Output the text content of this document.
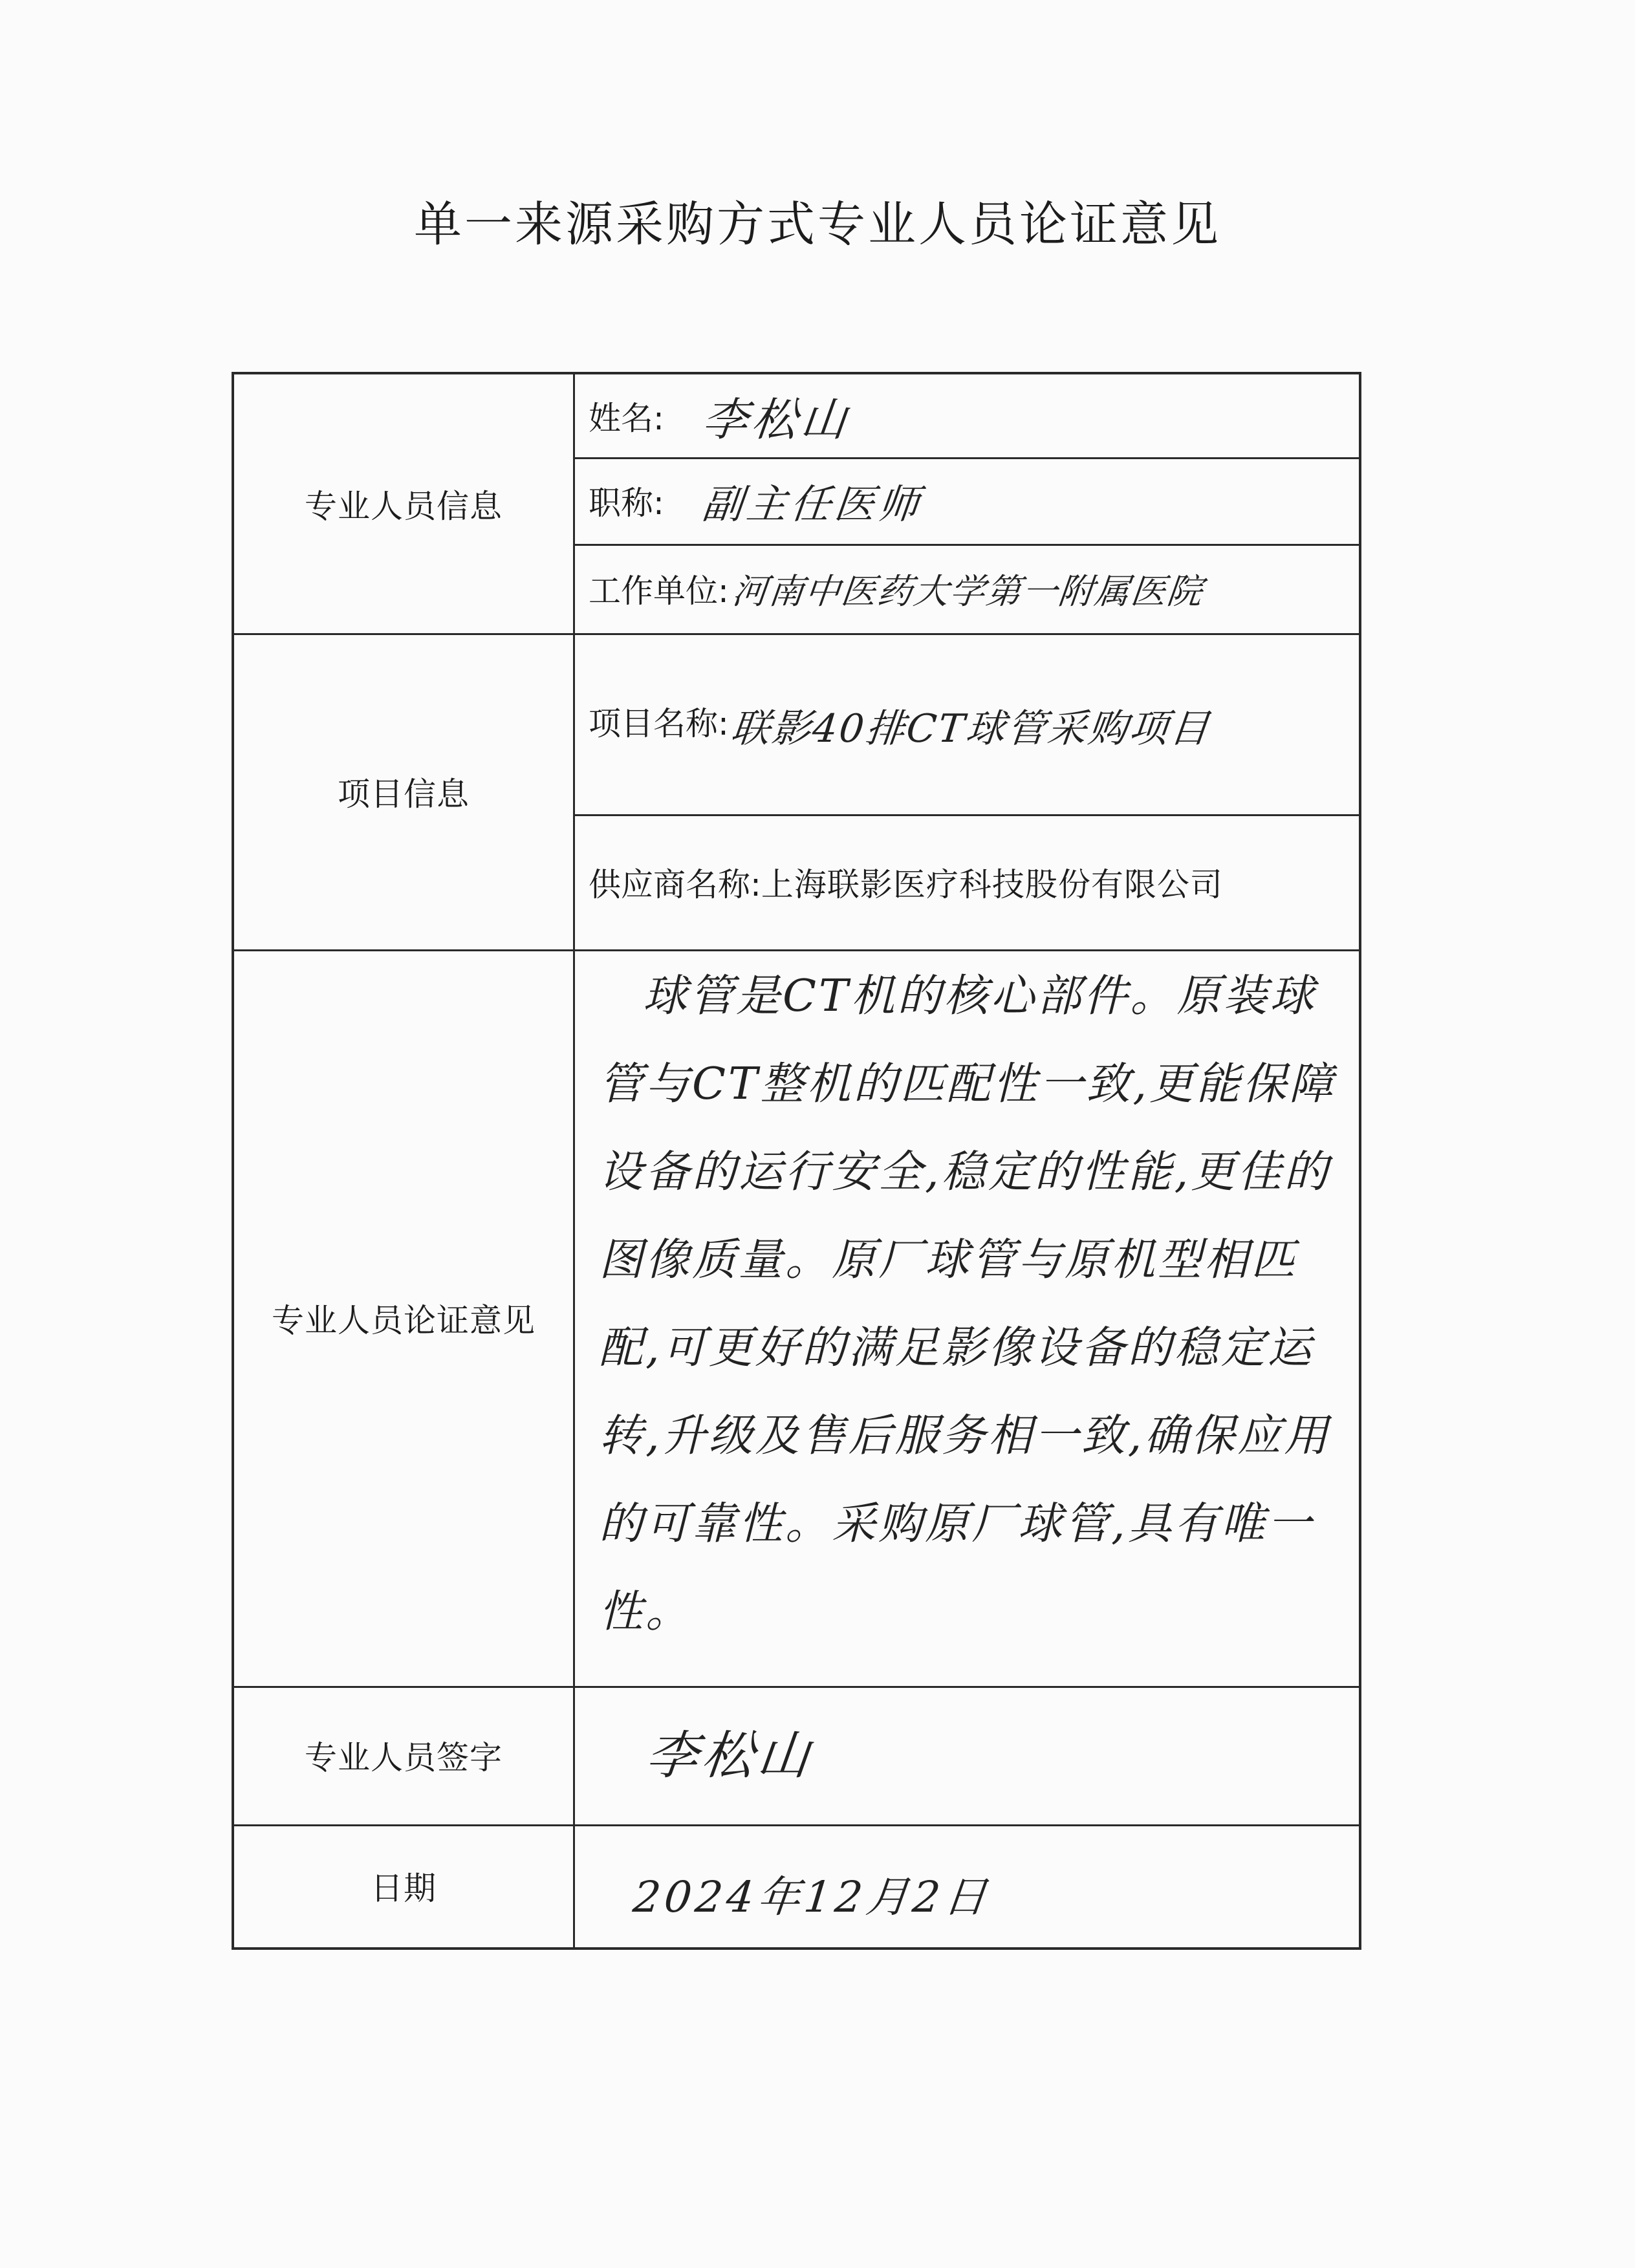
单一来源采购方式专业人员论证意见
专业人员信息
项目信息
专业人员论证意见
专业人员签字
日期
姓名: 李松山
职称: 副主任医师
工作单位: 河南中医药大学第一附属医院
项目名称: 联影40排CT球管采购项目
供应商名称: 上海联影医疗科技股份有限公司
球管是CT机的核心部件。原装球管与CT整机的匹配性一致,更能保障设备的运行安全,稳定的性能,更佳的图像质量。原厂球管与原机型相匹配,可更好的满足影像设备的稳定运转,升级及售后服务相一致,确保应用的可靠性。采购原厂球管,具有唯一性。
李松山
2024年12月2日
